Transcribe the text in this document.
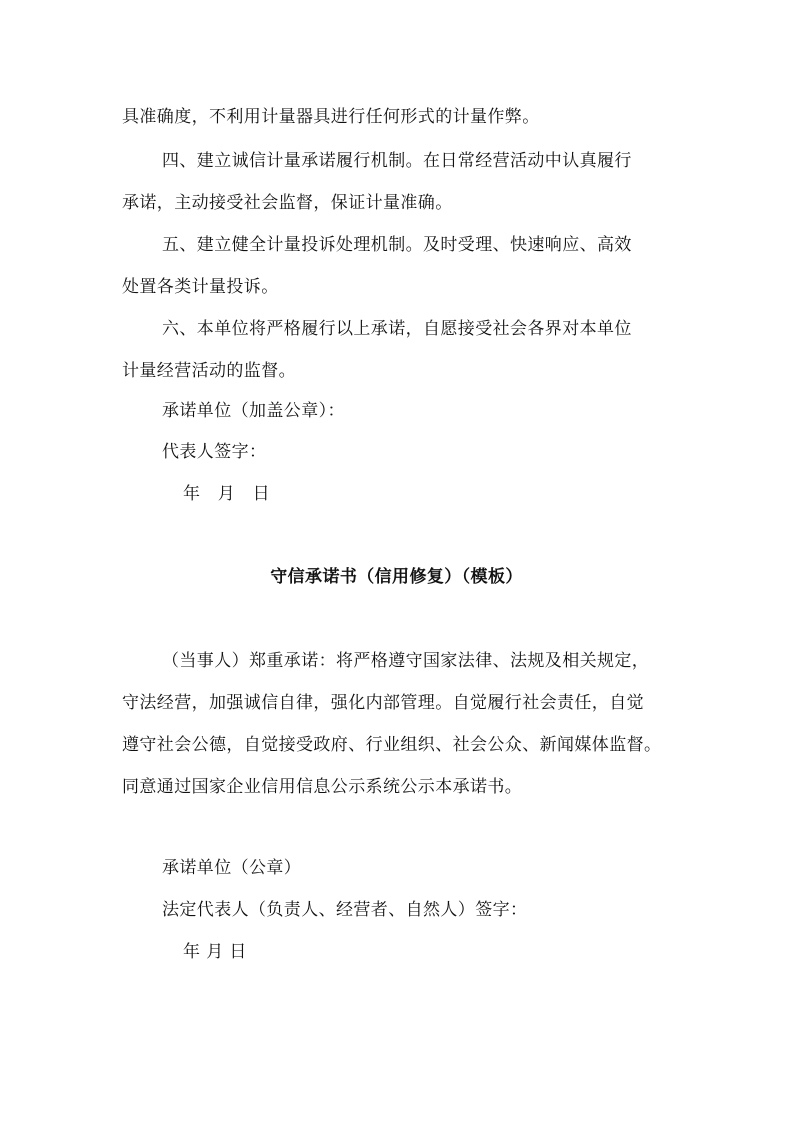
具准确度，不利用计量器具进行任何形式的计量作弊。
四、建立诚信计量承诺履行机制。在日常经营活动中认真履行
承诺，主动接受社会监督，保证计量准确。
五、建立健全计量投诉处理机制。及时受理、快速响应、高效
处置各类计量投诉。
六、本单位将严格履行以上承诺，自愿接受社会各界对本单位
计量经营活动的监督。
承诺单位（加盖公章）：
代表人签字：
年　月　日
守信承诺书（信用修复）（模板）
（当事人）郑重承诺：将严格遵守国家法律、法规及相关规定，
守法经营，加强诚信自律，强化内部管理。自觉履行社会责任，自觉
遵守社会公德，自觉接受政府、行业组织、社会公众、新闻媒体监督。
同意通过国家企业信用信息公示系统公示本承诺书。
承诺单位（公章）
法定代表人（负责人、经营者、自然人）签字：
年 月 日
